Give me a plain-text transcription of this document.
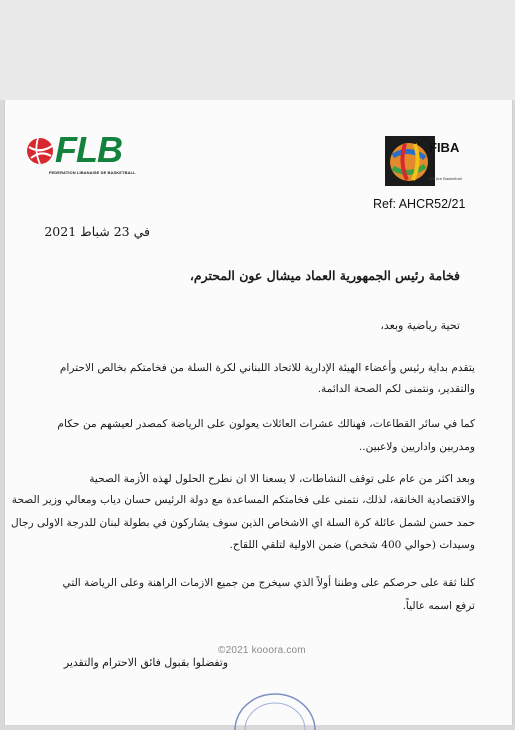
FLB
FEDERATION LIBANAISE DE BASKETBALL
FIBA
We Are Basketball
Ref: AHCR52/21
في 23 شباط 2021
فخامة رئيس الجمهورية العماد ميشال عون المحترم،
تحية رياضية وبعد،
يتقدم بداية رئيس وأعضاء الهيئة الإدارية للاتحاد اللبناني لكرة السلة من فخامتكم بخالص الاحترام
والتقدير، ونتمنى لكم الصحة الدائمة.
كما في سائر القطاعات، فهنالك عشرات العائلات يعولون على الرياضة كمصدر لعيشهم من حكام
ومدربين واداريين ولاعبين..
وبعد اكثر من عام على توقف النشاطات، لا يسعنا الا ان نطرح الحلول لهذه الأزمة الصحية
والاقتصادية الخانقة، لذلك، نتمنى على فخامتكم المساعدة مع دولة الرئيس حسان دياب ومعالي وزير الصحة
حمد حسن لشمل عائلة كرة السلة اي الاشخاص الذين سوف يشاركون في بطولة لبنان للدرجة الاولى رجال
وسيدات (حوالي 400 شخص) ضمن الاولية لتلقي اللقاح.
كلنا ثقة على حرصكم على وطننا أولاً الذي سيخرج من جميع الازمات الراهنة وعلى الرياضة التي
ترفع اسمه عالياً.
©2021 kooora.com
وتفضلوا بقبول فائق الاحترام والتقدير
